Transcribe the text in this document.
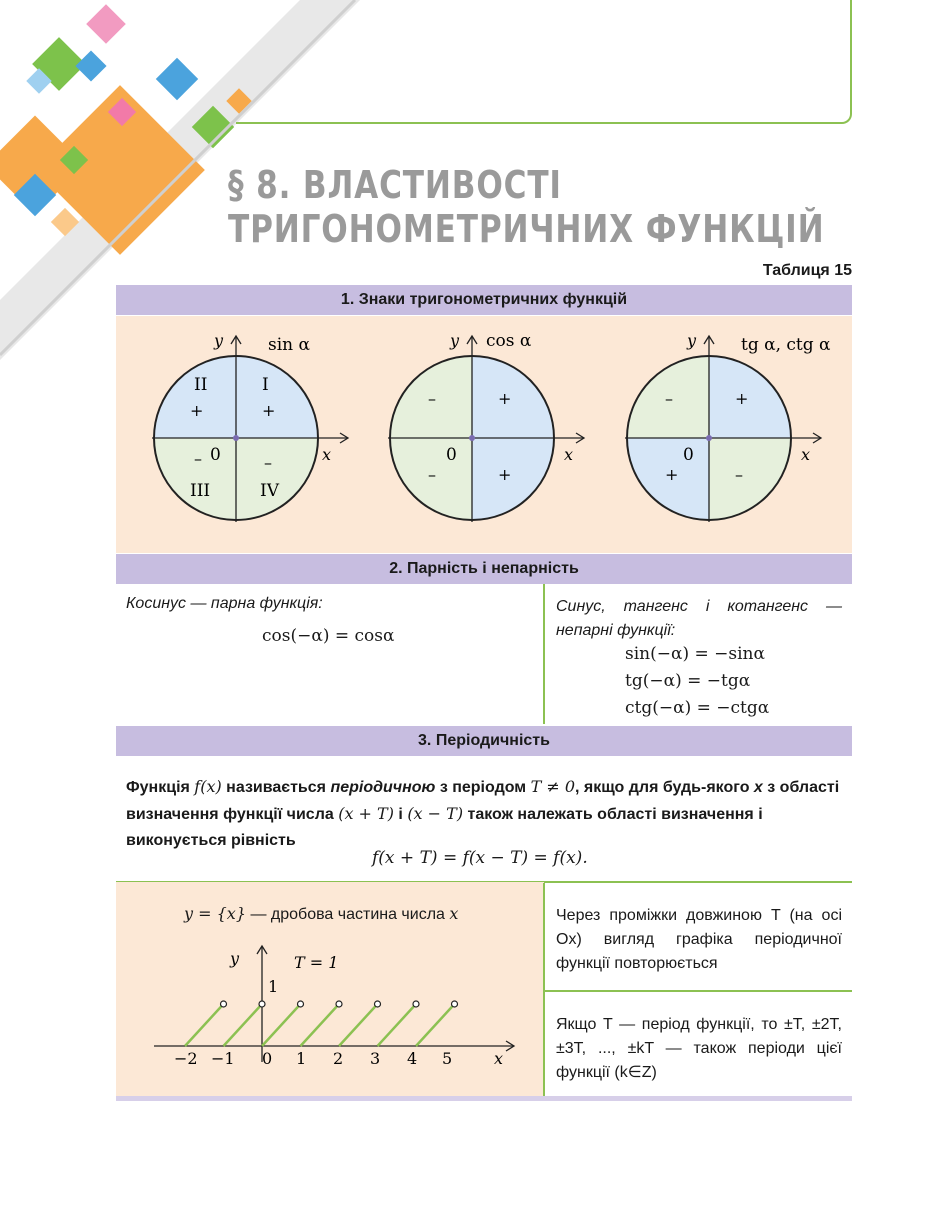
§ 8. ВЛАСТИВОСТІ
ТРИГОНОМЕТРИЧНИХ ФУНКЦІЙ
Таблиця 15
1. Знаки тригонометричних функцій
y	sin α
x
0
II	I
III	IV
+	+
–	–
y cos α
x
0
–	+
–	+
y	tg α, ctg α
x
0
–	+
+	–
2. Парність і непарність
Косинус — парна функція:
cos(−α) = cosα
Синус, тангенс і котангенс — непарні функції:
sin(−α) = −sinα
tg(−α) = −tgα
ctg(−α) = −ctgα
3. Періодичність
Функція f(x) називається періодичною з періодом T ≠ 0, якщо для будь-якого x з області визначення функції числа (x + T) і (x − T) також належать області визначення і виконується рівність
f(x + T) = f(x − T) = f(x).
y = {x} — дробова частина числа x
y	T = 1
1
x
−2 −1 0 1 2 3 4 5
Через проміжки довжиною T (на осі Ox) вигляд графіка періодичної функції повторюється
Якщо T — період функції, то ±T, ±2T, ±3T, ..., ±kT — також періоди цієї функції (k∈Z)
